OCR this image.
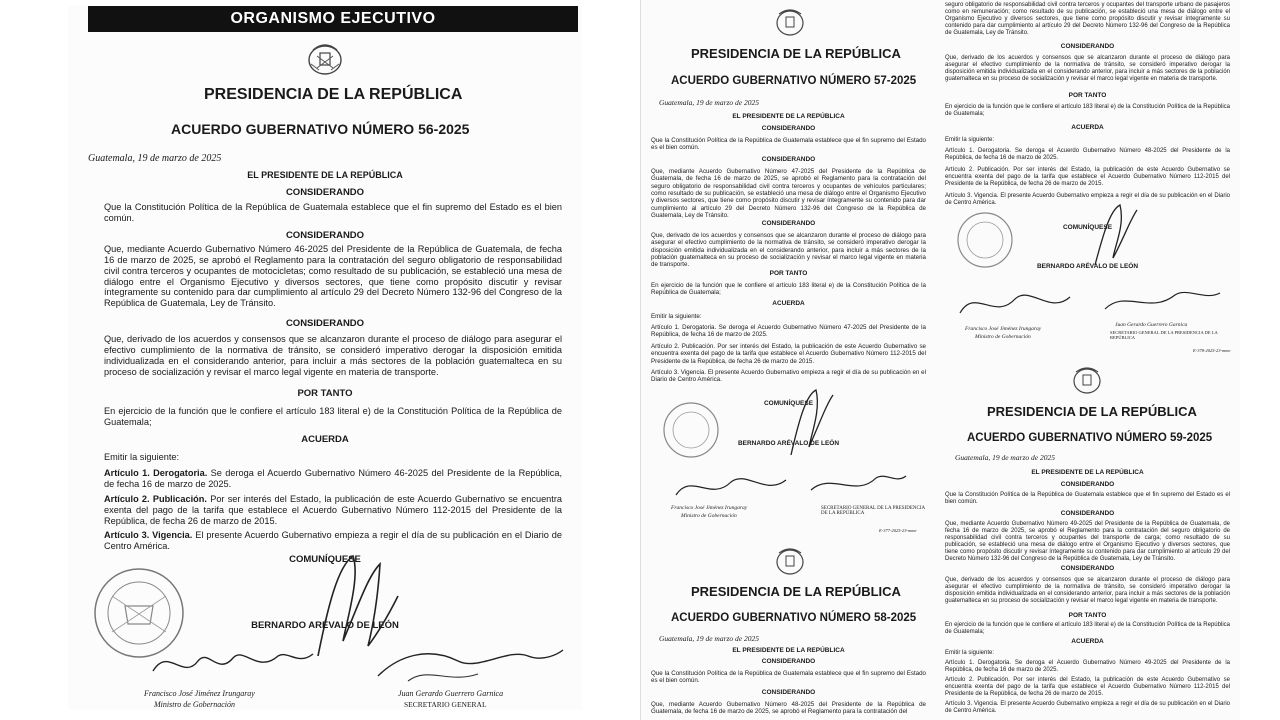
ORGANISMO EJECUTIVO
PRESIDENCIA DE LA REPÚBLICA
ACUERDO GUBERNATIVO NÚMERO 56-2025
Guatemala, 19 de marzo de 2025
EL PRESIDENTE DE LA REPÚBLICA
CONSIDERANDO

Que la Constitución Política de la República de Guatemala establece que el fin supremo del Estado es el bien común.

CONSIDERANDO

Que, mediante Acuerdo Gubernativo Número 46-2025 del Presidente de la República de Guatemala, de fecha 16 de marzo de 2025, se aprobó el Reglamento para la contratación del seguro obligatorio de responsabilidad civil contra terceros y ocupantes de motocicletas; como resultado de su publicación, se estableció una mesa de diálogo entre el Organismo Ejecutivo y diversos sectores, que tiene como propósito discutir y revisar íntegramente su contenido para dar cumplimiento al artículo 29 del Decreto Número 132-96 del Congreso de la República de Guatemala, Ley de Tránsito.

CONSIDERANDO

Que, derivado de los acuerdos y consensos que se alcanzaron durante el proceso de diálogo para asegurar el efectivo cumplimiento de la normativa de tránsito, se consideró imperativo derogar la disposición emitida individualizada en el considerando anterior, para incluir a más sectores de la población guatemalteca en su proceso de socialización y revisar el marco legal vigente en materia de transporte.

POR TANTO

En ejercicio de la función que le confiere el artículo 183 literal e) de la Constitución Política de la República de Guatemala;

ACUERDA
Emitir la siguiente:

Artículo 1. Derogatoria. Se deroga el Acuerdo Gubernativo Número 46-2025 del Presidente de la República, de fecha 16 de marzo de 2025.

Artículo 2. Publicación. Por ser interés del Estado, la publicación de este Acuerdo Gubernativo se encuentra exenta del pago de la tarifa que establece el Acuerdo Gubernativo Número 112-2015 del Presidente de la República, de fecha 26 de marzo de 2015.

Artículo 3. Vigencia. El presente Acuerdo Gubernativo empieza a regir el día de su publicación en el Diario de Centro América.

COMUNÍQUESE
BERNARDO ARÉVALO DE LEÓN
Francisco José Jiménez Irungaray
Ministro de Gobernación
Juan Gerardo Guerrero Garnica
SECRETARIO GENERAL
PRESIDENCIA DE LA REPÚBLICA
ACUERDO GUBERNATIVO NÚMERO 57-2025
Guatemala, 19 de marzo de 2025
EL PRESIDENTE DE LA REPÚBLICA
CONSIDERANDO

Que la Constitución Política de la República de Guatemala establece que el fin supremo del Estado es el bien común.

CONSIDERANDO

Que, mediante Acuerdo Gubernativo Número 47-2025 del Presidente de la República de Guatemala, de fecha 16 de marzo de 2025, se aprobó el Reglamento para la contratación del seguro obligatorio de responsabilidad civil contra terceros y ocupantes de vehículos particulares; como resultado de su publicación, se estableció una mesa de diálogo entre el Organismo Ejecutivo y diversos sectores, que tiene como propósito discutir y revisar íntegramente su contenido para dar cumplimiento al artículo 29 del Decreto Número 132-96 del Congreso de la República de Guatemala, Ley de Tránsito.

CONSIDERANDO

Que, derivado de los acuerdos y consensos que se alcanzaron durante el proceso de diálogo para asegurar el efectivo cumplimiento de la normativa de tránsito, se consideró imperativo derogar la disposición emitida individualizada en el considerando anterior, para incluir a más sectores de la población guatemalteca en su proceso de socialización y revisar el marco legal vigente en materia de transporte.

POR TANTO

En ejercicio de la función que le confiere el artículo 183 literal e) de la Constitución Política de la República de Guatemala;

ACUERDA
Emitir la siguiente:

Artículo 1. Derogatoria. Se deroga el Acuerdo Gubernativo Número 47-2025 del Presidente de la República, de fecha 16 de marzo de 2025.

Artículo 2. Publicación. Por ser interés del Estado, la publicación de este Acuerdo Gubernativo se encuentra exenta del pago de la tarifa que establece el Acuerdo Gubernativo Número 112-2015 del Presidente de la República, de fecha 26 de marzo de 2015.

Artículo 3. Vigencia. El presente Acuerdo Gubernativo empieza a regir el día de su publicación en el Diario de Centro América.

COMUNÍQUESE
BERNARDO ARÉVALO DE LEÓN
Francisco José Jiménez Irungaray
Ministro de Gobernación
SECRETARIO GENERAL DE LA PRESIDENCIA DE LA REPÚBLICA
E-377-2025-23-mme
PRESIDENCIA DE LA REPÚBLICA
ACUERDO GUBERNATIVO NÚMERO 58-2025
Guatemala, 19 de marzo de 2025
EL PRESIDENTE DE LA REPÚBLICA
CONSIDERANDO

Que la Constitución Política de la República de Guatemala establece que el fin supremo del Estado es el bien común.

CONSIDERANDO

Que, mediante Acuerdo Gubernativo Número 48-2025 del Presidente de la República de Guatemala, de fecha 16 de marzo de 2025, se aprobó el Reglamento para la contratación del

seguro obligatorio de responsabilidad civil contra terceros y ocupantes del transporte urbano de pasajeros como en remuneración; como resultado de su publicación, se estableció una mesa de diálogo entre el Organismo Ejecutivo y diversos sectores, que tiene como propósito discutir y revisar íntegramente su contenido para dar cumplimiento al artículo 29 del Decreto Número 132-96 del Congreso de la República de Guatemala, Ley de Tránsito.

CONSIDERANDO

Que, derivado de los acuerdos y consensos que se alcanzaron durante el proceso de diálogo para asegurar el efectivo cumplimiento de la normativa de tránsito, se consideró imperativo derogar la disposición emitida individualizada en el considerando anterior, para incluir a más sectores de la población guatemalteca en su proceso de socialización y revisar el marco legal vigente en materia de transporte.

POR TANTO

En ejercicio de la función que le confiere el artículo 183 literal e) de la Constitución Política de la República de Guatemala;

ACUERDA
Emitir la siguiente:

Artículo 1. Derogatoria. Se deroga el Acuerdo Gubernativo Número 48-2025 del Presidente de la República, de fecha 16 de marzo de 2025.

Artículo 2. Publicación. Por ser interés del Estado, la publicación de este Acuerdo Gubernativo se encuentra exenta del pago de la tarifa que establece el Acuerdo Gubernativo Número 112-2015 del Presidente de la República, de fecha 26 de marzo de 2015.

Artículo 3. Vigencia. El presente Acuerdo Gubernativo empieza a regir el día de su publicación en el Diario de Centro América.

COMUNÍQUESE
BERNARDO ARÉVALO DE LEÓN
Francisco José Jiménez Irungaray
Ministro de Gobernación
Juan Gerardo Guerrero Garnica
SECRETARIO GENERAL DE LA PRESIDENCIA DE LA REPÚBLICA
E-378-2025-23-mme
PRESIDENCIA DE LA REPÚBLICA
ACUERDO GUBERNATIVO NÚMERO 59-2025
Guatemala, 19 de marzo de 2025
EL PRESIDENTE DE LA REPÚBLICA
CONSIDERANDO

Que la Constitución Política de la República de Guatemala establece que el fin supremo del Estado es el bien común.

CONSIDERANDO

Que, mediante Acuerdo Gubernativo Número 49-2025 del Presidente de la República de Guatemala, de fecha 16 de marzo de 2025, se aprobó el Reglamento para la contratación del seguro obligatorio de responsabilidad civil contra terceros y ocupantes del transporte de carga; como resultado de su publicación, se estableció una mesa de diálogo entre el Organismo Ejecutivo y diversos sectores, que tiene como propósito discutir y revisar íntegramente su contenido para dar cumplimiento al artículo 29 del Decreto Número 132-96 del Congreso de la República de Guatemala, Ley de Tránsito.

CONSIDERANDO

Que, derivado de los acuerdos y consensos que se alcanzaron durante el proceso de diálogo para asegurar el efectivo cumplimiento de la normativa de tránsito, se consideró imperativo derogar la disposición emitida individualizada en el considerando anterior, para incluir a más sectores de la población guatemalteca en su proceso de socialización y revisar el marco legal vigente en materia de transporte.

POR TANTO

En ejercicio de la función que le confiere el artículo 183 literal e) de la Constitución Política de la República de Guatemala;

ACUERDA
Emitir la siguiente:

Artículo 1. Derogatoria. Se deroga el Acuerdo Gubernativo Número 49-2025 del Presidente de la República, de fecha 16 de marzo de 2025.

Artículo 2. Publicación. Por ser interés del Estado, la publicación de este Acuerdo Gubernativo se encuentra exenta del pago de la tarifa que establece el Acuerdo Gubernativo Número 112-2015 del Presidente de la República, de fecha 26 de marzo de 2015.

Artículo 3. Vigencia. El presente Acuerdo Gubernativo empieza a regir el día de su publicación en el Diario de Centro América.
